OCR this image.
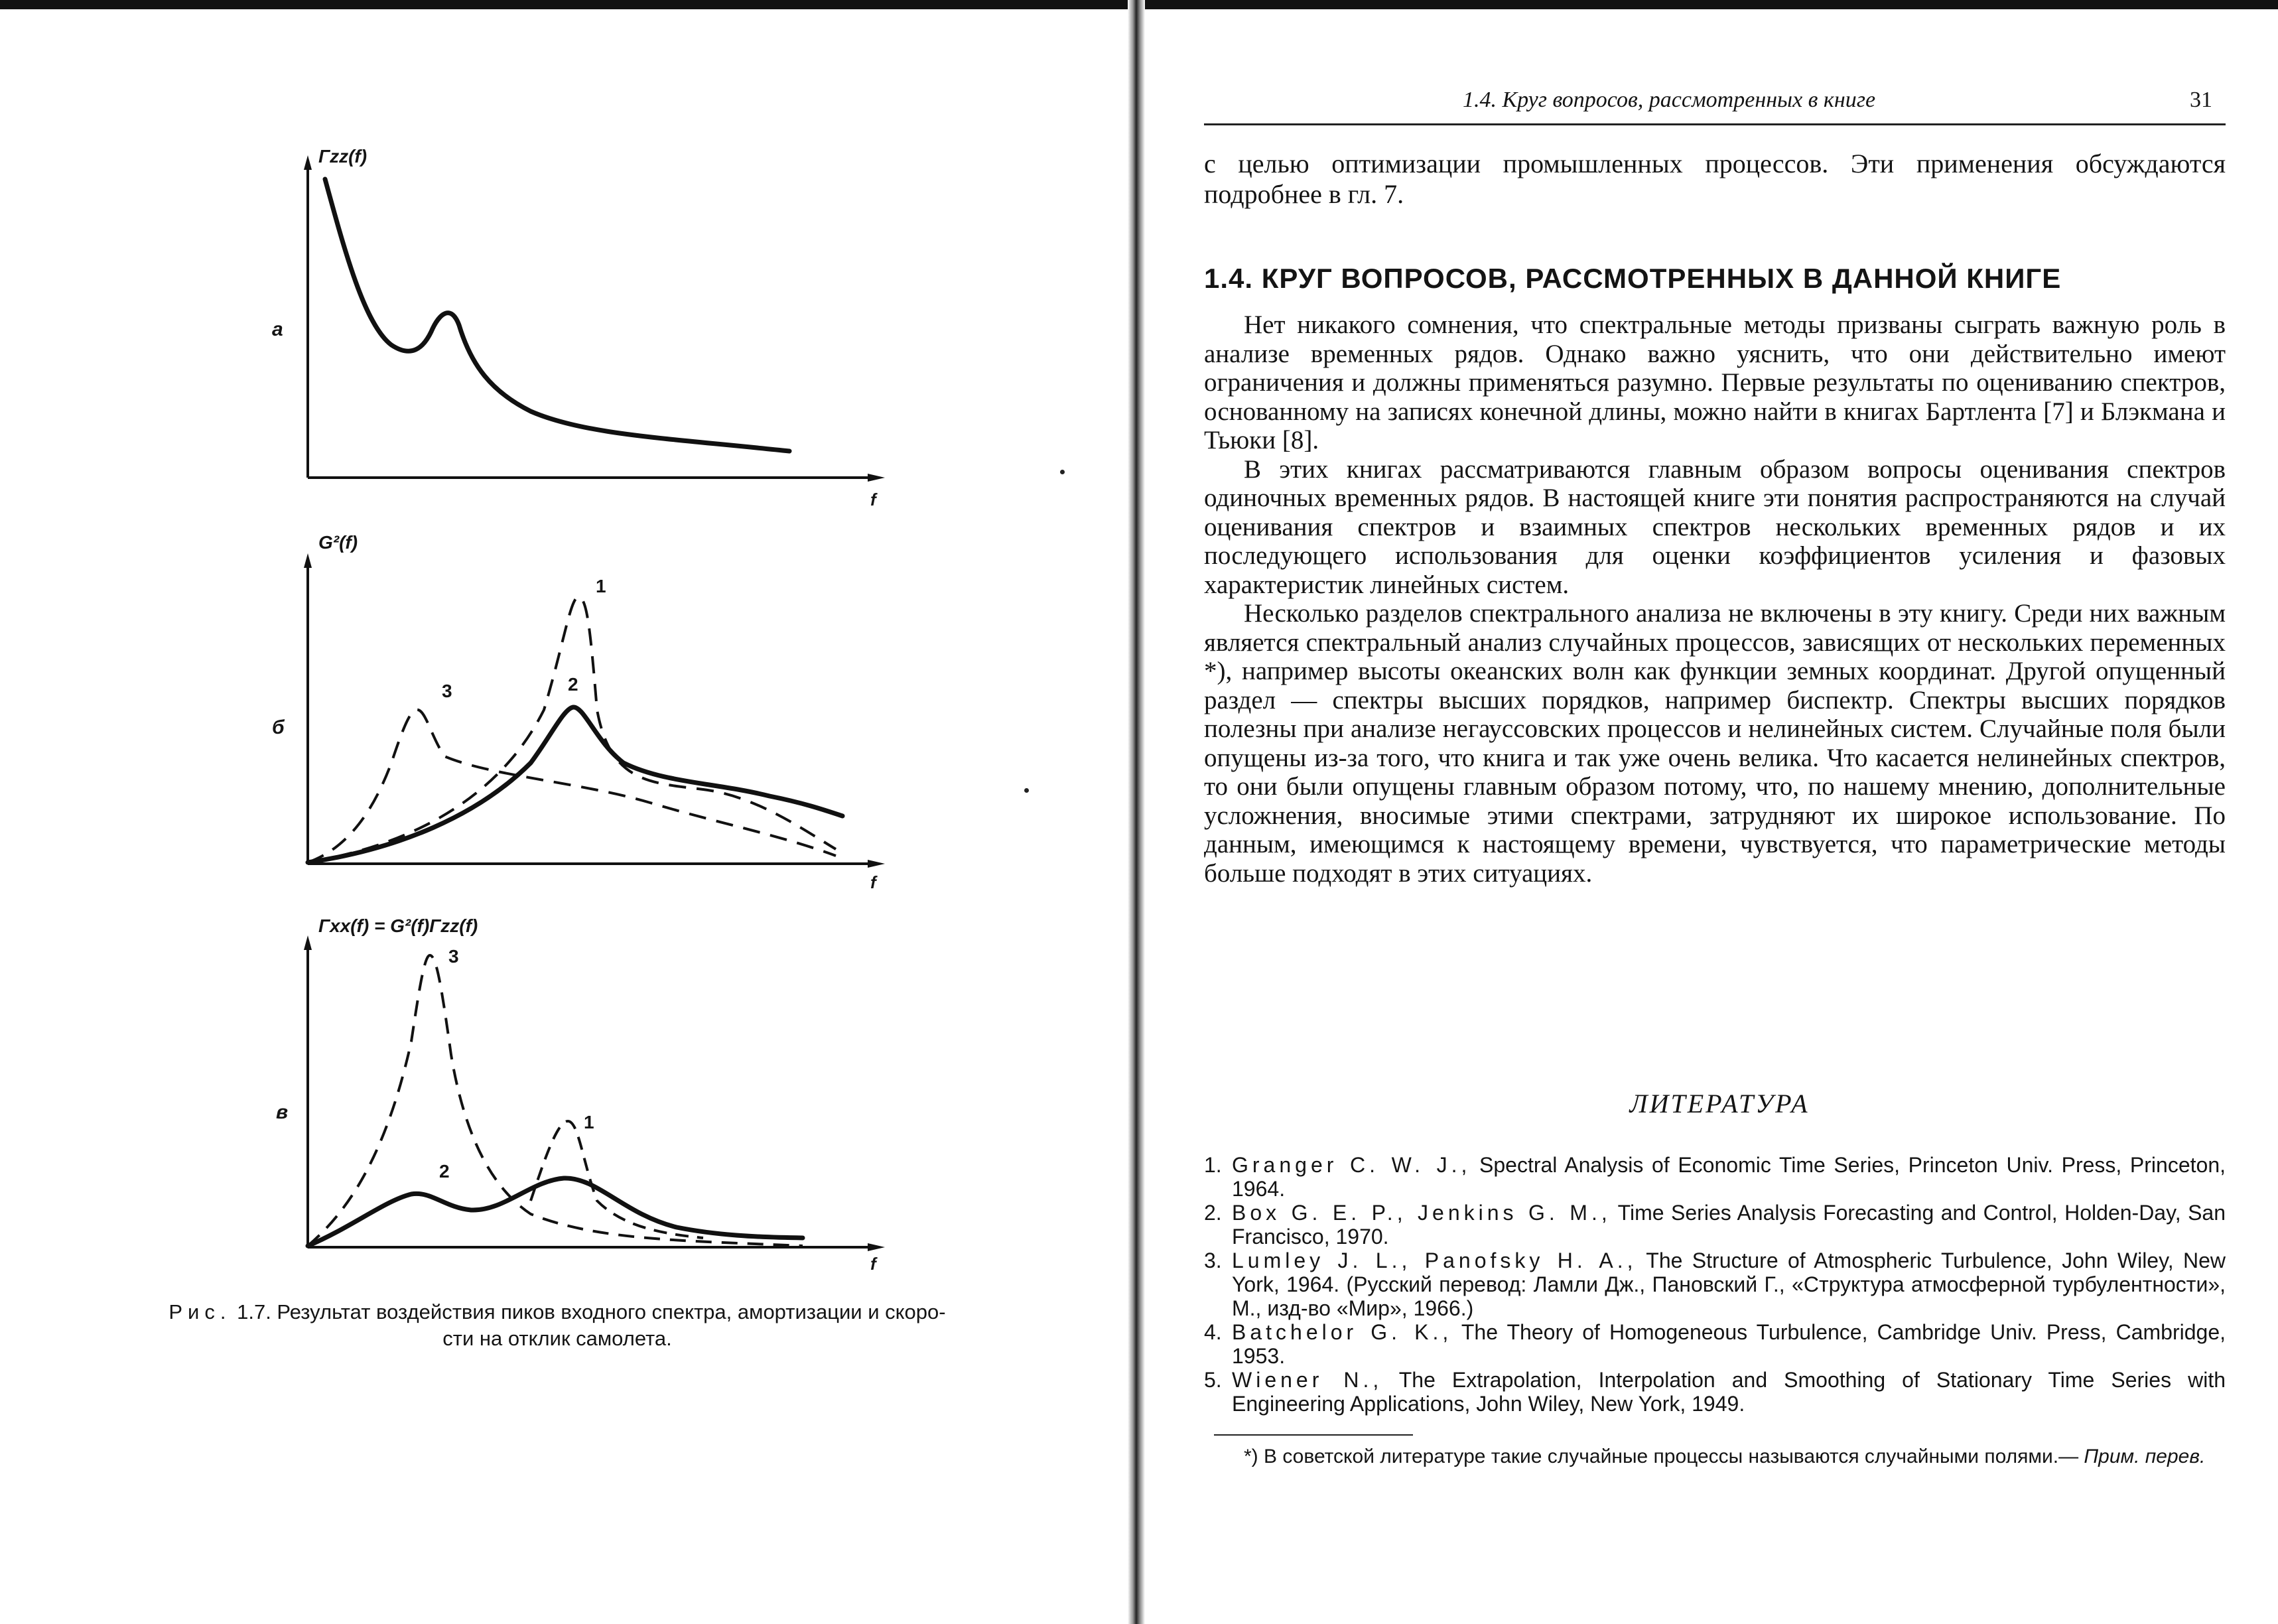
Γzz(f)
а
f
G²(f)
б
f
1
2
3
Γxx(f) = G²(f)Γzz(f)
в
f
1
2
3
Рис. 1.7. Результат воздействия пиков входного спектра, амортизации и скоро-
сти на отклик самолета.
1.4. Круг вопросов, рассмотренных в книге	31
с целью оптимизации промышленных процессов. Эти применения обсуждаются подробнее в гл. 7.
1.4. КРУГ ВОПРОСОВ, РАССМОТРЕННЫХ В ДАННОЙ КНИГЕ

Нет никакого сомнения, что спектральные методы призваны сыграть важную роль в анализе временных рядов. Однако важно уяснить, что они действительно имеют ограничения и должны применяться разумно. Первые результаты по оцениванию спектров, основанному на записях конечной длины, можно найти в книгах Бартлента [7] и Блэкмана и Тьюки [8].

В этих книгах рассматриваются главным образом вопросы оценивания спектров одиночных временных рядов. В настоящей книге эти понятия распространяются на случай оценивания спектров и взаимных спектров нескольких временных рядов и их последующего использования для оценки коэффициентов усиления и фазовых характеристик линейных систем.

Несколько разделов спектрального анализа не включены в эту книгу. Среди них важным является спектральный анализ случайных процессов, зависящих от нескольких переменных *), например высоты океанских волн как функции земных координат. Другой опущенный раздел — спектры высших порядков, например биспектр. Спектры высших порядков полезны при анализе негауссовских процессов и нелинейных систем. Случайные поля были опущены из-за того, что книга и так уже очень велика. Что касается нелинейных спектров, то они были опущены главным образом потому, что, по нашему мнению, дополнительные усложнения, вносимые этими спектрами, затрудняют их широкое использование. По данным, имеющимся к настоящему времени, чувствуется, что параметрические методы больше подходят в этих ситуациях.

ЛИТЕРАТУРА
1. Granger C. W. J., Spectral Analysis of Economic Time Series, Princeton Univ. Press, Princeton, 1964.
2. Box G. E. P., Jenkins G. M., Time Series Analysis Forecasting and Control, Holden-Day, San Francisco, 1970.
3. Lumley J. L., Panofsky H. A., The Structure of Atmospheric Turbulence, John Wiley, New York, 1964. (Русский перевод: Ламли Дж., Пановский Г., «Структура атмосферной турбулентности», М., изд-во «Мир», 1966.)
4. Batchelor G. K., The Theory of Homogeneous Turbulence, Cambridge Univ. Press, Cambridge, 1953.
5. Wiener N., The Extrapolation, Interpolation and Smoothing of Stationary Time Series with Engineering Applications, John Wiley, New York, 1949.
*) В советской литературе такие случайные процессы называются случайными полями.— Прим. перев.
